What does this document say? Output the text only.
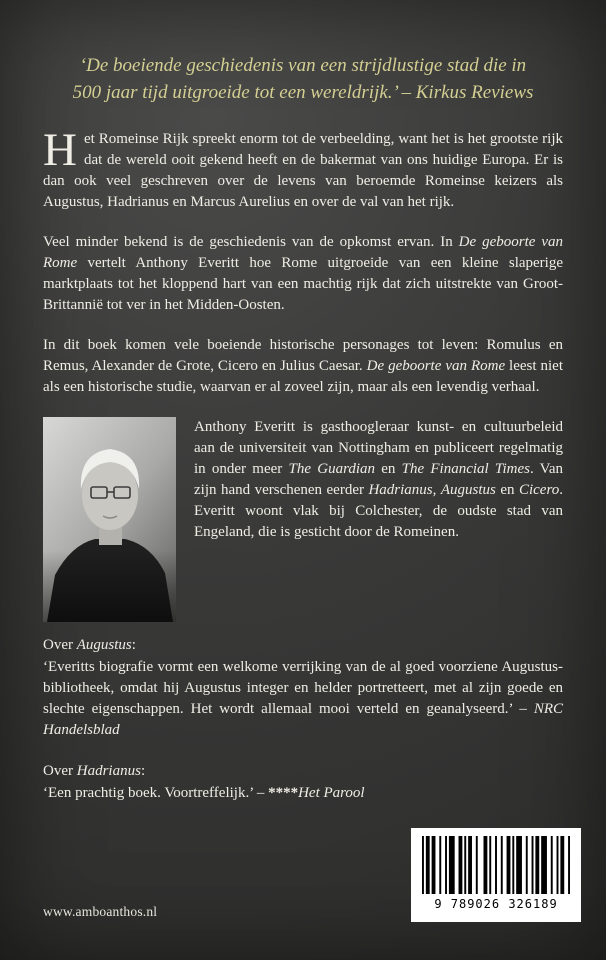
‘De boeiende geschiedenis van een strijdlustige stad die in
500 jaar tijd uitgroeide tot een wereldrijk.’ – Kirkus Reviews

Het Romeinse Rijk spreekt enorm tot de verbeelding, want het is het grootste rijk dat de wereld ooit gekend heeft en de bakermat van ons huidige Europa. Er is dan ook veel geschreven over de levens van beroemde Romeinse keizers als Augustus, Hadrianus en Marcus Aurelius en over de val van het rijk.

Veel minder bekend is de geschiedenis van de opkomst ervan. In De geboorte van Rome vertelt Anthony Everitt hoe Rome uitgroeide van een kleine slaperige marktplaats tot het kloppend hart van een machtig rijk dat zich uitstrekte van Groot-Brittannië tot ver in het Midden-Oosten.

In dit boek komen vele boeiende historische personages tot leven: Romulus en Remus, Alexander de Grote, Cicero en Julius Caesar. De geboorte van Rome leest niet als een historische studie, waarvan er al zoveel zijn, maar als een levendig verhaal.

Anthony Everitt is gasthoogleraar kunst- en cultuurbeleid aan de universiteit van Nottingham en publiceert regelmatig in onder meer The Guardian en The Financial Times. Van zijn hand verschenen eerder Hadrianus, Augustus en Cicero. Everitt woont vlak bij Colchester, de oudste stad van Engeland, die is gesticht door de Romeinen.

Over Augustus:

‘Everitts biografie vormt een welkome verrijking van de al goed voorziene Augustus-bibliotheek, omdat hij Augustus integer en helder portretteert, met al zijn goede en slechte eigenschappen. Het wordt allemaal mooi verteld en geanalyseerd.’ – NRC Handelsblad

Over Hadrianus:

‘Een prachtig boek. Voortreffelijk.’ – ****Het Parool

www.amboanthos.nl	9 789026 326189
